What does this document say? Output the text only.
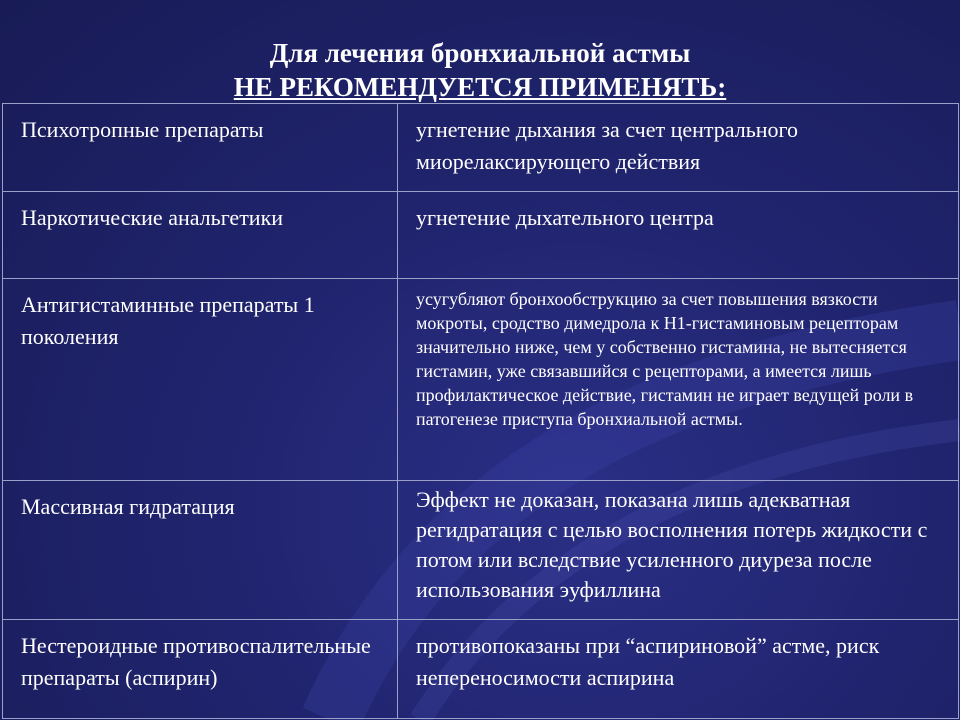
Для лечения бронхиальной астмы
НЕ РЕКОМЕНДУЕТСЯ ПРИМЕНЯТЬ:
Психотропные препараты	угнетение дыхания за счет центрального миорелаксирующего действия
Наркотические анальгетики	угнетение дыхательного центра
Антигистаминные препараты 1 поколения	усугубляют бронхообструкцию за счет повышения вязкости мокроты, сродство димедрола к Н1-гистаминовым рецепторам значительно ниже, чем у собственно гистамина, не вытесняется гистамин, уже связавшийся с рецепторами, а имеется лишь профилактическое действие, гистамин не играет ведущей роли в патогенезе приступа бронхиальной астмы.
Массивная гидратация	Эффект не доказан, показана лишь адекватная регидратация с целью восполнения потерь жидкости с потом или вследствие усиленного диуреза после использования эуфиллина
Нестероидные противоспалительные препараты (аспирин)	противопоказаны при “аспириновой” астме, риск непереносимости аспирина
